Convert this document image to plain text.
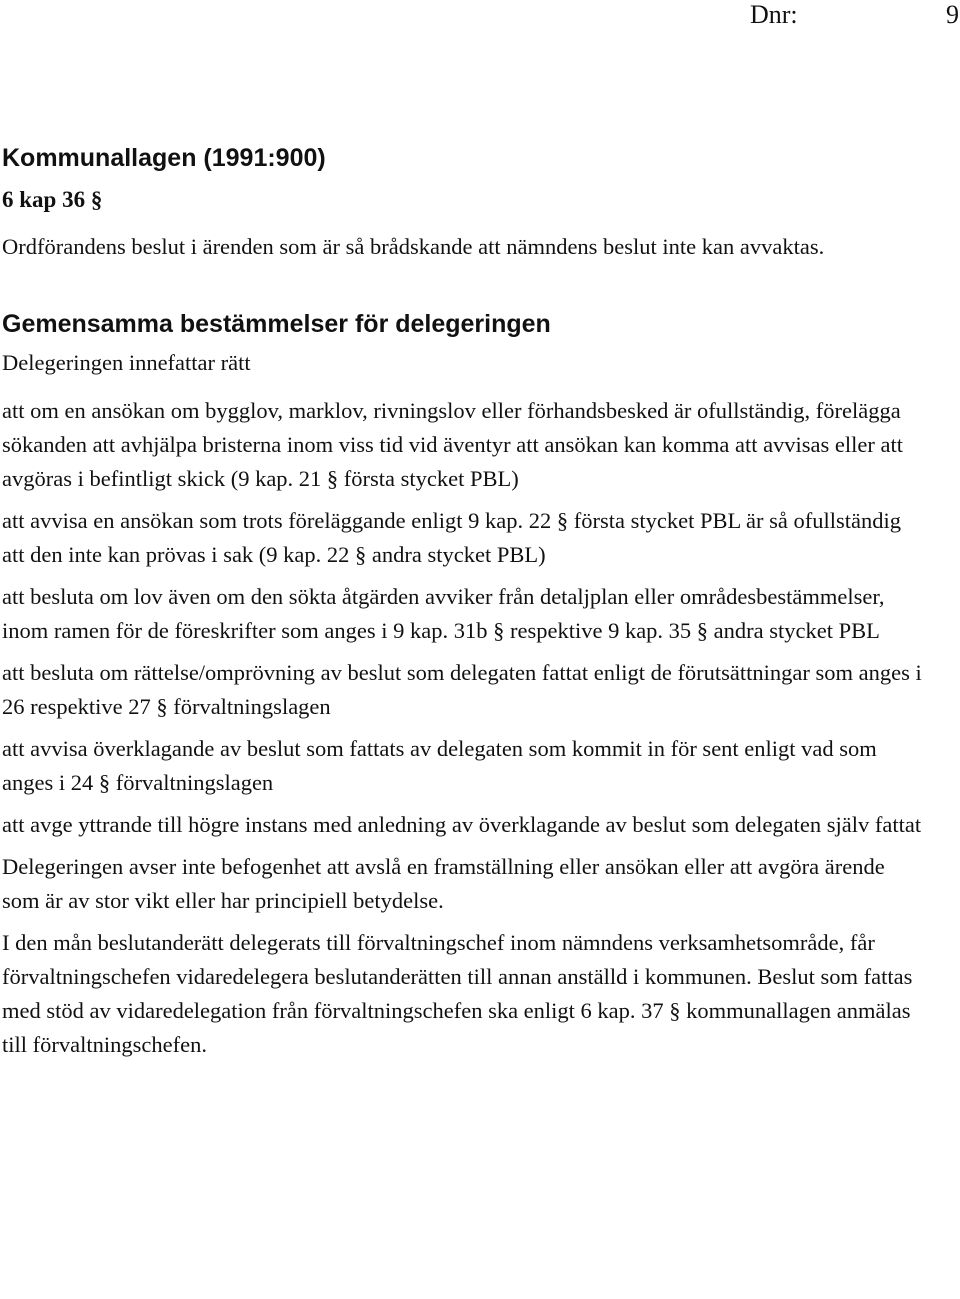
Dnr:	9
Kommunallagen (1991:900)
6 kap 36 §

Ordförandens beslut i ärenden som är så brådskande att nämndens beslut inte kan avvaktas.

Gemensamma bestämmelser för delegeringen

Delegeringen innefattar rätt

att om en ansökan om bygglov, marklov, rivningslov eller förhandsbesked är ofullständig, förelägga sökanden att avhjälpa bristerna inom viss tid vid äventyr att ansökan kan komma att avvisas eller att avgöras i befintligt skick (9 kap. 21 § första stycket PBL)

att avvisa en ansökan som trots föreläggande enligt 9 kap. 22 § första stycket PBL är så ofullständig att den inte kan prövas i sak (9 kap. 22 § andra stycket PBL)

att besluta om lov även om den sökta åtgärden avviker från detaljplan eller områdesbestämmelser, inom ramen för de föreskrifter som anges i 9 kap. 31b § respektive 9 kap. 35 § andra stycket PBL

att besluta om rättelse/omprövning av beslut som delegaten fattat enligt de förutsättningar som anges i 26 respektive 27 § förvaltningslagen

att avvisa överklagande av beslut som fattats av delegaten som kommit in för sent enligt vad som anges i 24 § förvaltningslagen

att avge yttrande till högre instans med anledning av överklagande av beslut som delegaten själv fattat

Delegeringen avser inte befogenhet att avslå en framställning eller ansökan eller att avgöra ärende som är av stor vikt eller har principiell betydelse.

I den mån beslutanderätt delegerats till förvaltningschef inom nämndens verksamhetsområde, får förvaltningschefen vidaredelegera beslutanderätten till annan anställd i kommunen. Beslut som fattas med stöd av vidaredelegation från förvaltningschefen ska enligt 6 kap. 37 § kommunallagen anmälas till förvaltningschefen.
